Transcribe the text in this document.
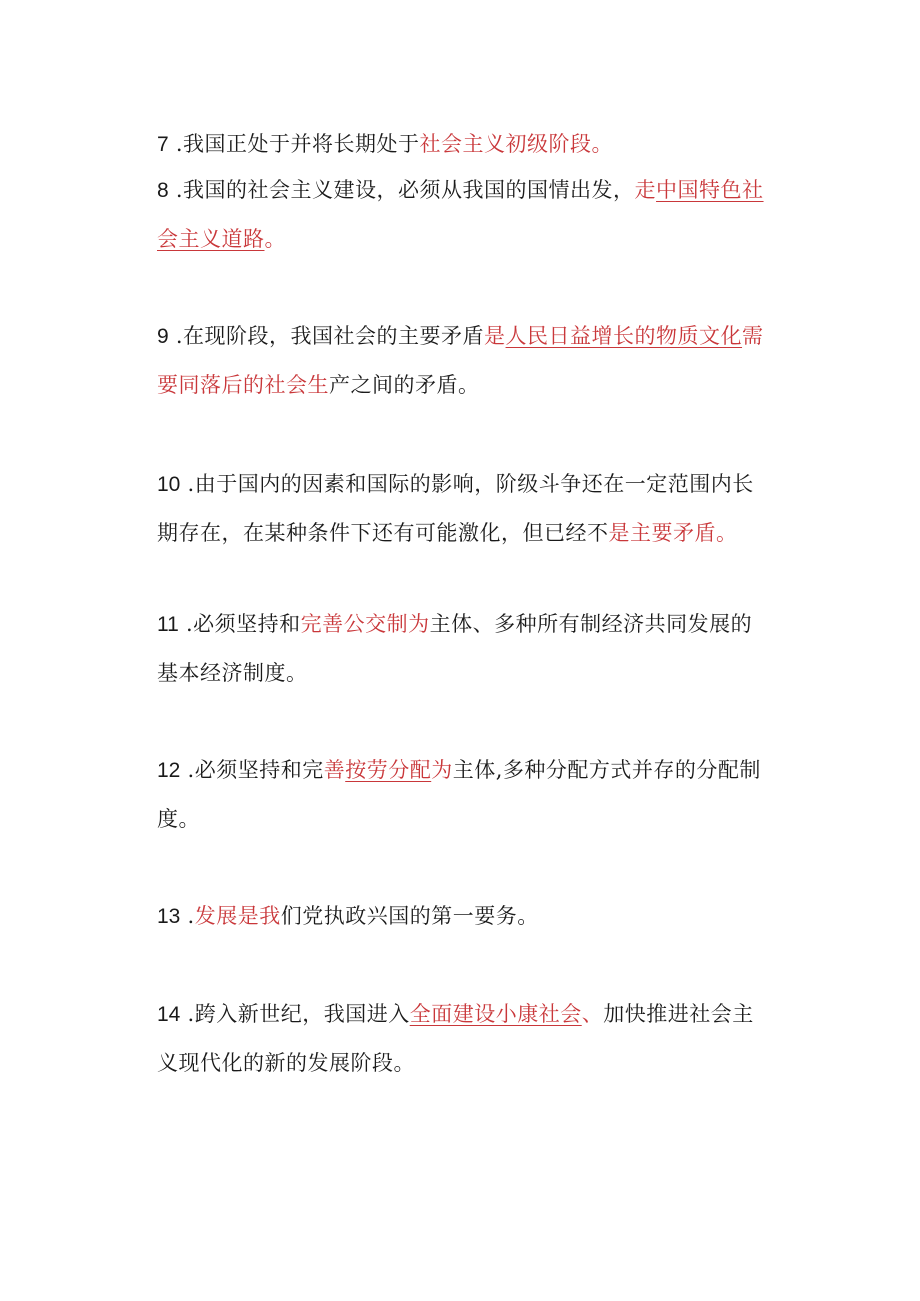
7 .我国正处于并将长期处于社会主义初级阶段。

8 .我国的社会主义建设，必须从我国的国情出发，走中国特色社会主义道路。

9 .在现阶段，我国社会的主要矛盾是人民日益增长的物质文化需要同落后的社会生产之间的矛盾。

10 .由于国内的因素和国际的影响，阶级斗争还在一定范围内长期存在，在某种条件下还有可能激化，但已经不是主要矛盾。

11 .必须坚持和完善公交制为主体、多种所有制经济共同发展的基本经济制度。

12 .必须坚持和完善按劳分配为主体,多种分配方式并存的分配制度。

13 .发展是我们党执政兴国的第一要务。

14 .跨入新世纪，我国进入全面建设小康社会、加快推进社会主义现代化的新的发展阶段。
